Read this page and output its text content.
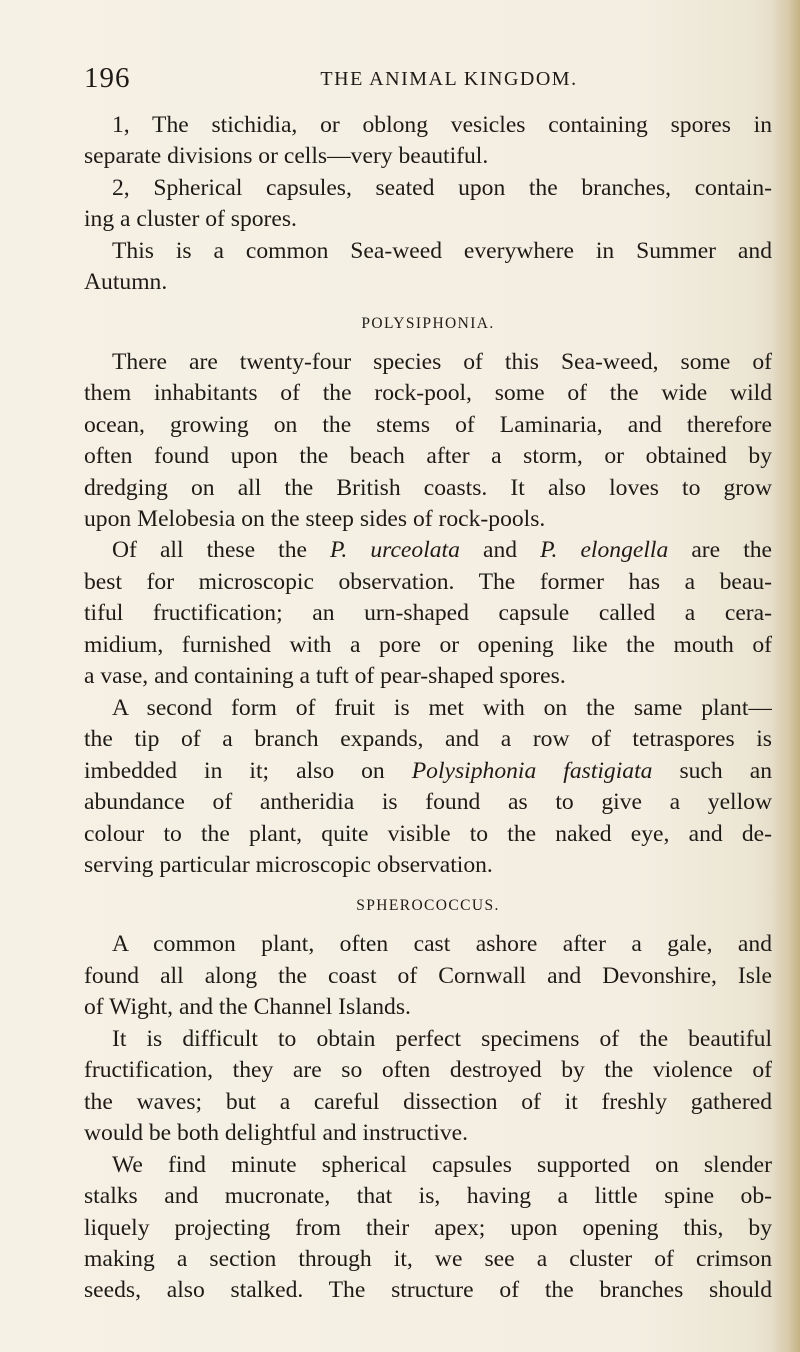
196	THE ANIMAL KINGDOM.
1, The stichidia, or oblong vesicles containing spores in
separate divisions or cells—very beautiful.
2, Spherical capsules, seated upon the branches, contain-
ing a cluster of spores.
This is a common Sea-weed everywhere in Summer and
Autumn.
POLYSIPHONIA.
There are twenty-four species of this Sea-weed, some of
them inhabitants of the rock-pool, some of the wide wild
ocean, growing on the stems of Laminaria, and therefore
often found upon the beach after a storm, or obtained by
dredging on all the British coasts. It also loves to grow
upon Melobesia on the steep sides of rock-pools.
Of all these the P. urceolata and P. elongella are the
best for microscopic observation. The former has a beau-
tiful fructification; an urn-shaped capsule called a cera-
midium, furnished with a pore or opening like the mouth of
a vase, and containing a tuft of pear-shaped spores.
A second form of fruit is met with on the same plant—
the tip of a branch expands, and a row of tetraspores is
imbedded in it; also on Polysiphonia fastigiata such an
abundance of antheridia is found as to give a yellow
colour to the plant, quite visible to the naked eye, and de-
serving particular microscopic observation.
SPHEROCOCCUS.
A common plant, often cast ashore after a gale, and
found all along the coast of Cornwall and Devonshire, Isle
of Wight, and the Channel Islands.
It is difficult to obtain perfect specimens of the beautiful
fructification, they are so often destroyed by the violence of
the waves; but a careful dissection of it freshly gathered
would be both delightful and instructive.
We find minute spherical capsules supported on slender
stalks and mucronate, that is, having a little spine ob-
liquely projecting from their apex; upon opening this, by
making a section through it, we see a cluster of crimson
seeds, also stalked. The structure of the branches should
